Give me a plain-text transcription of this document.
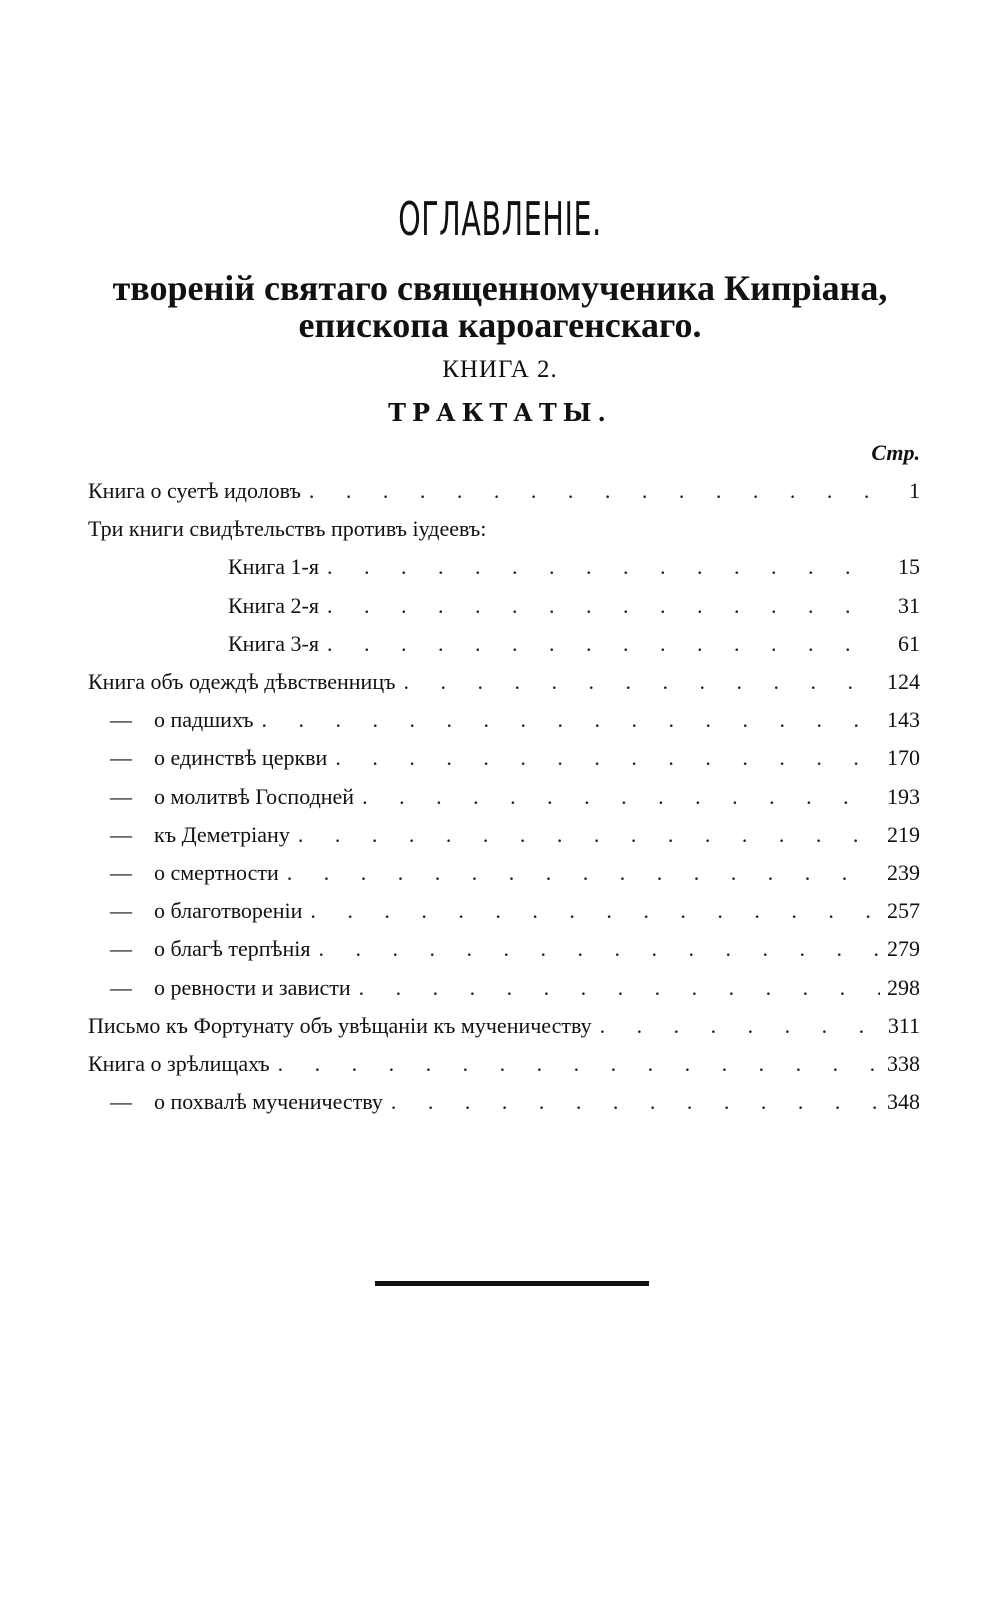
ОГЛАВЛЕНІЕ.
твореній святаго священномученика Кипріана,
епископа кароагенскаго.
КНИГА 2.
ТРАКТАТЫ.
Стр.
Книга о суетѣ идоловъ . . .	1
Три книги свидѣтельствъ противъ іудеевъ:
Книга 1-я . . .	15
Книга 2-я . . .	31
Книга 3-я . . .	61
Книга объ одеждѣ дѣвственницъ . . .	124
— о падшихъ . . .	143
— о единствѣ церкви . . .	170
— о молитвѣ Господней . . .	193
— къ Деметріану . . .	219
— о смертности . . .	239
— о благотвореніи . . .	257
— о благѣ терпѣнія . . .	279
— о ревности и зависти . . .	298
Письмо къ Фортунату объ увѣщаніи къ мученичеству . . .	311
Книга о зрѣлищахъ . . .	338
— о похвалѣ мученичеству . . .	348
